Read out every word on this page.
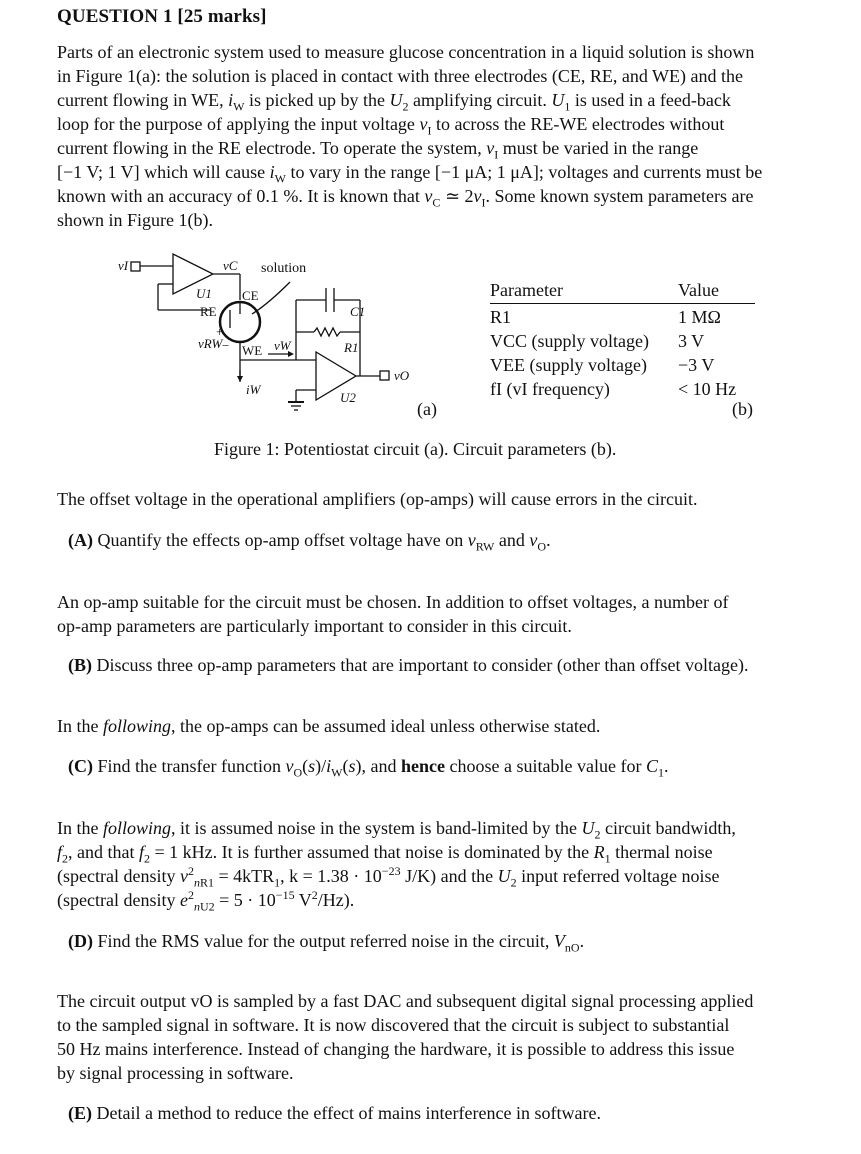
QUESTION 1 [25 marks]
Parts of an electronic system used to measure glucose concentration in a liquid solution is shown
in Figure 1(a): the solution is placed in contact with three electrodes (CE, RE, and WE) and the
current flowing in WE, $i_W$ is picked up by the $U_2$ amplifying circuit. $U_1$ is used in a feed-back
loop for the purpose of applying the input voltage $v_I$ to across the RE-WE electrodes without
current flowing in the RE electrode. To operate the system, $v_I$ must be varied in the range
[−1 V; 1 V] which will cause $i_W$ to vary in the range [−1 μA; 1 μA]; voltages and currents must be
known with an accuracy of 0.1 %. It is known that $v_C$ ≃ $2v_I$. Some known system parameters are
shown in Figure 1(b).
vI	vC
U1
RE
+
vRW −
C1
R1
vW
iW
U2
vO
solution
CE
WE
(a)
Parameter	Value
R1	1 MΩ
VCC (supply voltage)	3 V
VEE (supply voltage)	−3 V
fI (vI frequency)	< 10 Hz
(b)
Figure 1: Potentiostat circuit (a). Circuit parameters (b).
The offset voltage in the operational amplifiers (op-amps) will cause errors in the circuit.
(A) Quantify the effects op-amp offset voltage have on $v_{RW}$ and $v_O$.
An op-amp suitable for the circuit must be chosen. In addition to offset voltages, a number of
op-amp parameters are particularly important to consider in this circuit.
(B) Discuss three op-amp parameters that are important to consider (other than offset voltage).
In the following, the op-amps can be assumed ideal unless otherwise stated.
(C) Find the transfer function $v_O(s)/i_W(s)$, and hence choose a suitable value for $C_1$.
In the following, it is assumed noise in the system is band-limited by the $U_2$ circuit bandwidth,
$f_2$, and that $f_2 = 1$ kHz. It is further assumed that noise is dominated by the $R_1$ thermal noise
(spectral density $v^2_{nR1} = 4kTR_1$, $k = 1.38 \cdot 10^{-23}$ J/K) and the $U_2$ input referred voltage noise
(spectral density $e^2_{nU2} = 5 \cdot 10^{-15}$ $V^2/Hz$).
(D) Find the RMS value for the output referred noise in the circuit, $V_{nO}$.
The circuit output vO is sampled by a fast DAC and subsequent digital signal processing applied
to the sampled signal in software. It is now discovered that the circuit is subject to substantial
50 Hz mains interference. Instead of changing the hardware, it is possible to address this issue
by signal processing in software.
(E) Detail a method to reduce the effect of mains interference in software.
